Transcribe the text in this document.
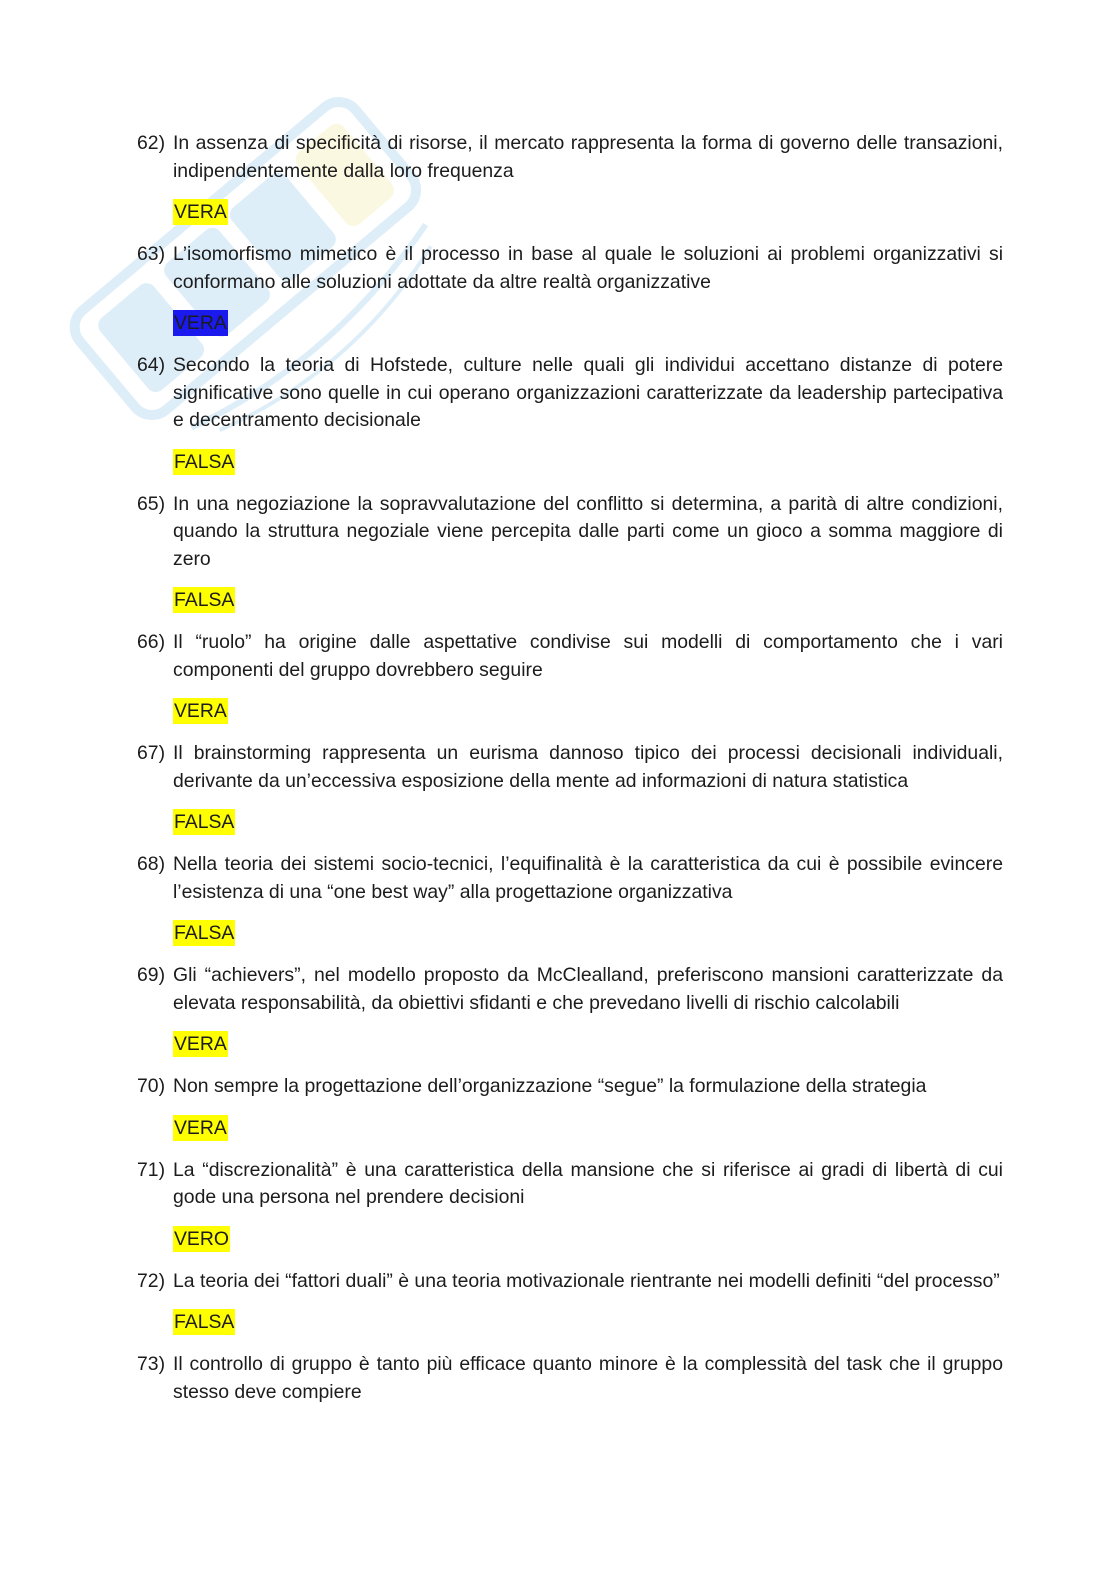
62) In assenza di specificità di risorse, il mercato rappresenta la forma di governo delle transazioni, indipendentemente dalla loro frequenza
VERA
63) L’isomorfismo mimetico è il processo in base al quale le soluzioni ai problemi organizzativi si conformano alle soluzioni adottate da altre realtà organizzative
VERA
64) Secondo la teoria di Hofstede, culture nelle quali gli individui accettano distanze di potere significative sono quelle in cui operano organizzazioni caratterizzate da leadership partecipativa e decentramento decisionale
FALSA
65) In una negoziazione la sopravvalutazione del conflitto si determina, a parità di altre condizioni, quando la struttura negoziale viene percepita dalle parti come un gioco a somma maggiore di zero
FALSA
66) Il “ruolo” ha origine dalle aspettative condivise sui modelli di comportamento che i vari componenti del gruppo dovrebbero seguire
VERA
67) Il brainstorming rappresenta un eurisma dannoso tipico dei processi decisionali individuali, derivante da un’eccessiva esposizione della mente ad informazioni di natura statistica
FALSA
68) Nella teoria dei sistemi socio-tecnici, l’equifinalità è la caratteristica da cui è possibile evincere l’esistenza di una “one best way” alla progettazione organizzativa
FALSA
69) Gli “achievers”, nel modello proposto da McClealland, preferiscono mansioni caratterizzate da elevata responsabilità, da obiettivi sfidanti e che prevedano livelli di rischio calcolabili
VERA
70) Non sempre la progettazione dell’organizzazione “segue” la formulazione della strategia
VERA
71) La “discrezionalità” è una caratteristica della mansione che si riferisce ai gradi di libertà di cui gode una persona nel prendere decisioni
VERO
72) La teoria dei “fattori duali” è una teoria motivazionale rientrante nei modelli definiti “del processo”
FALSA
73) Il controllo di gruppo è tanto più efficace quanto minore è la complessità del task che il gruppo stesso deve compiere
